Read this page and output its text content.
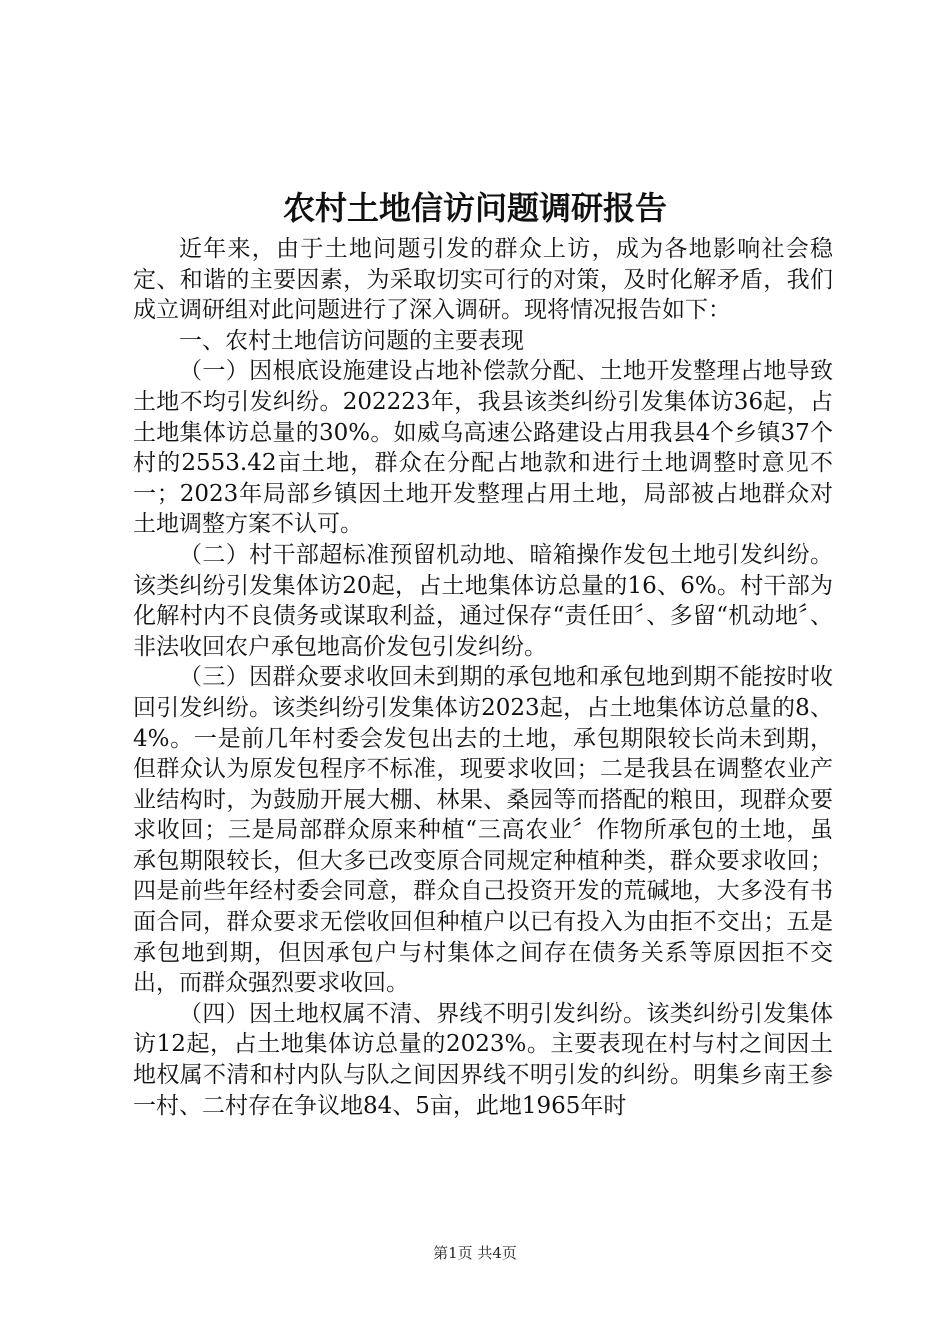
农村土地信访问题调研报告

近年来，由于土地问题引发的群众上访，成为各地影响社会稳定、和谐的主要因素，为采取切实可行的对策，及时化解矛盾，我们成立调研组对此问题进行了深入调研。现将情况报告如下：

一、农村土地信访问题的主要表现

（一）因根底设施建设占地补偿款分配、土地开发整理占地导致土地不均引发纠纷。202223年，我县该类纠纷引发集体访36起，占土地集体访总量的30%。如威乌高速公路建设占用我县4个乡镇37个村的2553.42亩土地，群众在分配占地款和进行土地调整时意见不一；2023年局部乡镇因土地开发整理占用土地，局部被占地群众对土地调整方案不认可。

（二）村干部超标准预留机动地、暗箱操作发包土地引发纠纷。该类纠纷引发集体访20起，占土地集体访总量的16、6%。村干部为化解村内不良债务或谋取利益，通过保存“责任田〞、多留“机动地〞、非法收回农户承包地高价发包引发纠纷。

（三）因群众要求收回未到期的承包地和承包地到期不能按时收回引发纠纷。该类纠纷引发集体访2023起，占土地集体访总量的8、4%。一是前几年村委会发包出去的土地，承包期限较长尚未到期，但群众认为原发包程序不标准，现要求收回；二是我县在调整农业产业结构时，为鼓励开展大棚、林果、桑园等而搭配的粮田，现群众要求收回；三是局部群众原来种植“三高农业〞作物所承包的土地，虽承包期限较长，但大多已改变原合同规定种植种类，群众要求收回；四是前些年经村委会同意，群众自己投资开发的荒碱地，大多没有书面合同，群众要求无偿收回但种植户以已有投入为由拒不交出；五是承包地到期，但因承包户与村集体之间存在债务关系等原因拒不交出，而群众强烈要求收回。

（四）因土地权属不清、界线不明引发纠纷。该类纠纷引发集体访12起，占土地集体访总量的2023%。主要表现在村与村之间因土地权属不清和村内队与队之间因界线不明引发的纠纷。明集乡南王参一村、二村存在争议地84、5亩，此地1965年时

第1页 共4页
